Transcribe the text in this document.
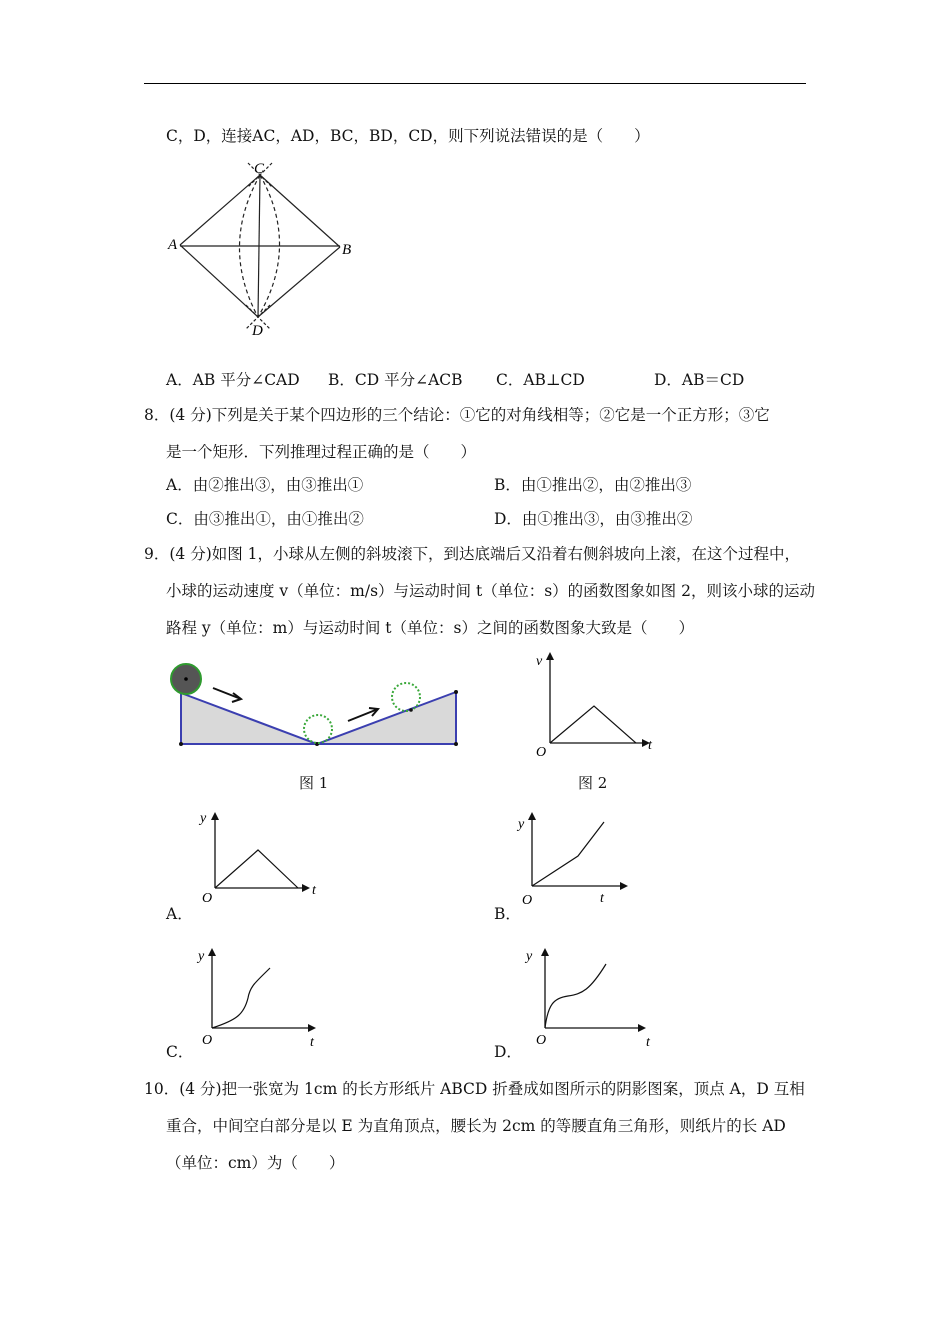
C，D，连接AC，AD，BC，BD，CD，则下列说法错误的是（　　）
C
A	B
D
A．AB 平分∠CAD B．CD 平分∠ACB C．AB⊥CD	D．AB＝CD
8．(4 分)下列是关于某个四边形的三个结论：①它的对角线相等；②它是一个正方形；③它
是一个矩形．下列推理过程正确的是（　　）
A．由②推出③，由③推出①	B．由①推出②，由②推出③
C．由③推出①，由①推出②	D．由①推出③，由③推出②
9．(4 分)如图 1，小球从左侧的斜坡滚下，到达底端后又沿着右侧斜坡向上滚，在这个过程中，
小球的运动速度 v（单位：m/s）与运动时间 t（单位：s）的函数图象如图 2，则该小球的运动
路程 y（单位：m）与运动时间 t（单位：s）之间的函数图象大致是（　　）
图 1
v
O	t
图 2
y
O
t
A．
y
O	t
B．
y
O	t
C．
y
O	t
D．
10．(4 分)把一张宽为 1cm 的长方形纸片 ABCD 折叠成如图所示的阴影图案，顶点 A，D 互相
重合，中间空白部分是以 E 为直角顶点，腰长为 2cm 的等腰直角三角形，则纸片的长 AD
（单位：cm）为（　　）
